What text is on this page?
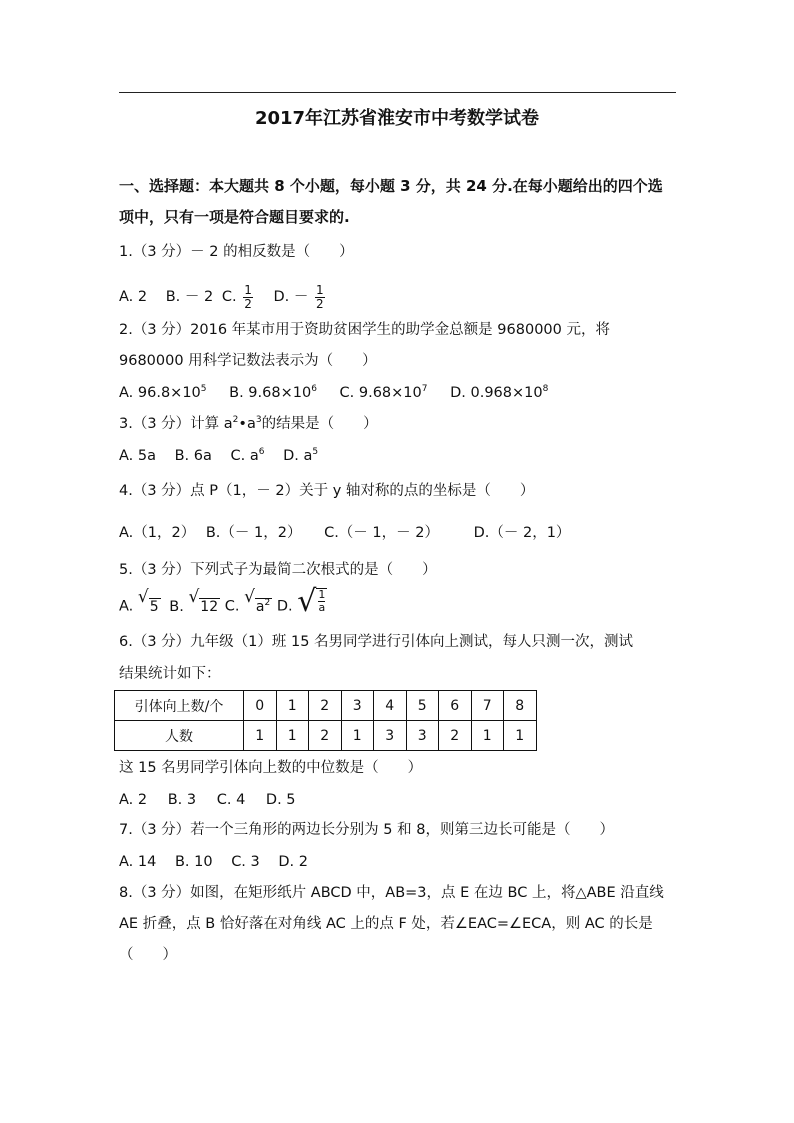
2017年江苏省淮安市中考数学试卷
一、选择题：本大题共 8 个小题，每小题 3 分，共 24 分.在每小题给出的四个选
项中，只有一项是符合题目要求的.
1.（3 分）－ 2 的相反数是（　　）
A. 2 B. － 2 C. $\frac{1}{2} D$. － $\frac{1}{2}$
2.（3 分）2016 年某市用于资助贫困学生的助学金总额是 9680000 元，将
9680000 用科学记数法表示为（　　）
A. $96.8\times 10^5$ B. $9.68\times 10^6$ C. $9.68\times 10^7$ D. $0.968\times 10^8$
3.（3 分）计算 $a^2•a^3$的结果是（　　）
A. 5a B. 6a C. $a^6$ D. $a^5$
4.（3 分）点 P（1，－ 2）关于 y 轴对称的点的坐标是（　　）
A.（1，2） B.（－ 1，2） C.（－ 1，－ 2） D.（－ 2，1）
5.（3 分）下列式子为最简二次根式的是（　　）
A. √5 B. √12 C. $√a^2$ D. √ $\frac{1}{a}$
6.（3 分）九年级（1）班 15 名男同学进行引体向上测试，每人只测一次，测试
结果统计如下：
引体向上数/个	0	1	2	3	4	5	6	7	8
人数	1	1	2	1	3	3	2	1	1
这 15 名男同学引体向上数的中位数是（　　）
A. 2 B. 3 C. 4 D. 5
7.（3 分）若一个三角形的两边长分别为 5 和 8，则第三边长可能是（　　）
A. 14 B. 10 C. 3 D. 2
8.（3 分）如图，在矩形纸片 ABCD 中，AB=3，点 E 在边 BC 上，将△ABE 沿直线
AE 折叠，点 B 恰好落在对角线 AC 上的点 F 处，若∠EAC=∠ECA，则 AC 的长是
（　　）
